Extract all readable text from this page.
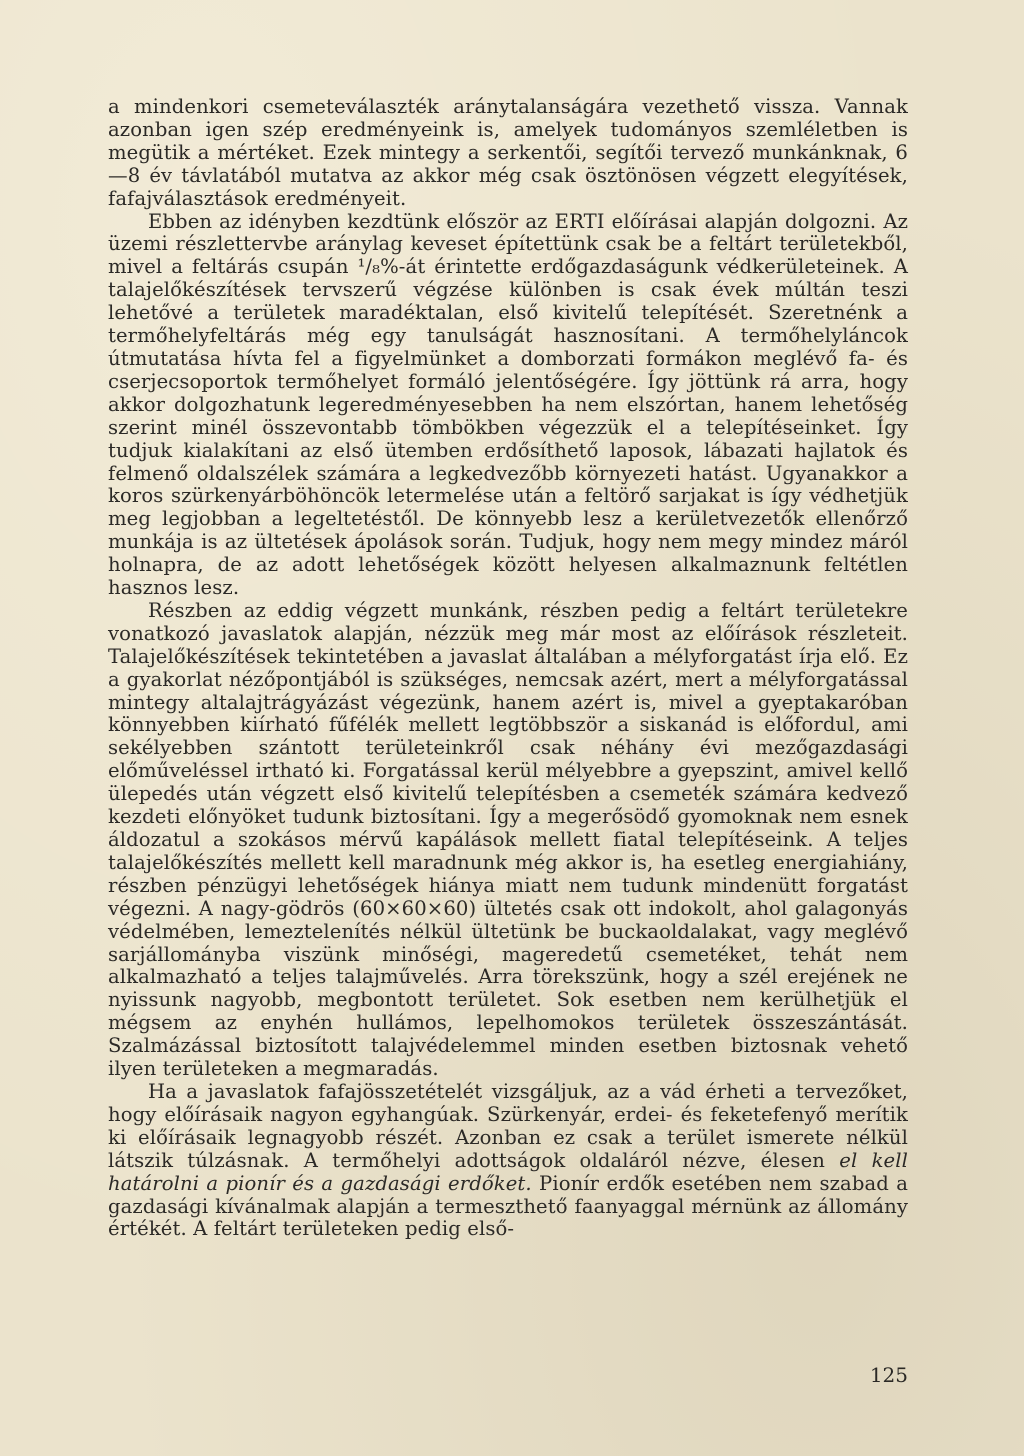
a mindenkori csemeteválaszték aránytalanságára vezethető vissza. Vannak azonban igen szép eredményeink is, amelyek tudományos szemléletben is megütik a mértéket. Ezek mintegy a serkentői, segítői tervező munkánknak, 6—8 év távlatából mutatva az akkor még csak ösztönösen végzett elegyítések, fafajválasztások eredményeit.

Ebben az idényben kezdtünk először az ERTI előírásai alapján dolgozni. Az üzemi részlettervbe aránylag keveset építettünk csak be a feltárt területekből, mivel a feltárás csupán ¹/₈%-át érintette erdőgazdaságunk védkerületeinek. A talajelőkészítések tervszerű végzése különben is csak évek múltán teszi lehetővé a területek maradéktalan, első kivitelű telepítését. Szeretnénk a termőhelyfeltárás még egy tanulságát hasznosítani. A termőhelyláncok útmutatása hívta fel a figyelmünket a domborzati formákon meglévő fa- és cserjecsoportok termőhelyet formáló jelentőségére. Így jöttünk rá arra, hogy akkor dolgozhatunk legeredményesebben ha nem elszórtan, hanem lehetőség szerint minél összevontabb tömbökben végezzük el a telepítéseinket. Így tudjuk kialakítani az első ütemben erdősíthető laposok, lábazati hajlatok és felmenő oldalszélek számára a legkedvezőbb környezeti hatást. Ugyanakkor a koros szürkenyárböhöncök letermelése után a feltörő sarjakat is így védhetjük meg legjobban a legeltetéstől. De könnyebb lesz a kerületvezetők ellenőrző munkája is az ültetések ápolások során. Tudjuk, hogy nem megy mindez máról holnapra, de az adott lehetőségek között helyesen alkalmaznunk feltétlen hasznos lesz.

Részben az eddig végzett munkánk, részben pedig a feltárt területekre vonatkozó javaslatok alapján, nézzük meg már most az előírások részleteit. Talajelőkészítések tekintetében a javaslat általában a mélyforgatást írja elő. Ez a gyakorlat nézőpontjából is szükséges, nemcsak azért, mert a mélyforgatással mintegy altalajtrágyázást végezünk, hanem azért is, mivel a gyeptakaróban könnyebben kiírható fűfélék mellett legtöbbször a siskanád is előfordul, ami sekélyebben szántott területeinkről csak néhány évi mezőgazdasági előműveléssel irtható ki. Forgatással kerül mélyebbre a gyepszint, amivel kellő ülepedés után végzett első kivitelű telepítésben a csemeték számára kedvező kezdeti előnyöket tudunk biztosítani. Így a megerősödő gyomoknak nem esnek áldozatul a szokásos mérvű kapálások mellett fiatal telepítéseink. A teljes talajelőkészítés mellett kell maradnunk még akkor is, ha esetleg energiahiány, részben pénzügyi lehetőségek hiánya miatt nem tudunk mindenütt forgatást végezni. A nagy-gödrös (60×60×60) ültetés csak ott indokolt, ahol galagonyás védelmében, lemeztelenítés nélkül ültetünk be buckaoldalakat, vagy meglévő sarjállományba viszünk minőségi, mageredetű csemetéket, tehát nem alkalmazható a teljes talajművelés. Arra törekszünk, hogy a szél erejének ne nyissunk nagyobb, megbontott területet. Sok esetben nem kerülhetjük el mégsem az enyhén hullámos, lepelhomokos területek összeszántását. Szalmázással biztosított talajvédelemmel minden esetben biztosnak vehető ilyen területeken a megmaradás.

Ha a javaslatok fafajösszetételét vizsgáljuk, az a vád érheti a tervezőket, hogy előírásaik nagyon egyhangúak. Szürkenyár, erdei- és feketefenyő merítik ki előírásaik legnagyobb részét. Azonban ez csak a terület ismerete nélkül látszik túlzásnak. A termőhelyi adottságok oldaláról nézve, élesen el kell határolni a pionír és a gazdasági erdőket. Pionír erdők esetében nem szabad a gazdasági kívánalmak alapján a termeszthető faanyaggal mérnünk az állomány értékét. A feltárt területeken pedig első-

125
